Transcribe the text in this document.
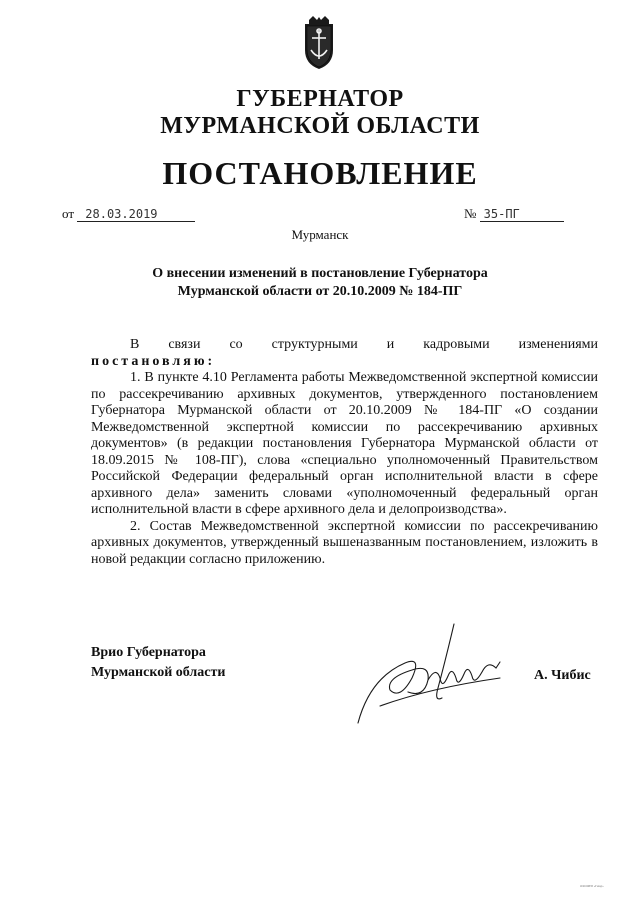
ГУБЕРНАТОР
МУРМАНСКОЙ ОБЛАСТИ
ПОСТАНОВЛЕНИЕ
от 28.03.2019	№ 35-ПГ
Мурманск
О внесении изменений в постановление Губернатора Мурманской области от 20.10.2009 № 184-ПГ

В связи со структурными и кадровыми изменениями

постановляю:

1. В пункте 4.10 Регламента работы Межведомственной экспертной комиссии по рассекречиванию архивных документов, утвержденного постановлением Губернатора Мурманской области от 20.10.2009 № 184-ПГ «О создании Межведомственной экспертной комиссии по рассекречиванию архивных документов» (в редакции постановления Губернатора Мурманской области от 18.09.2015 № 108-ПГ), слова «специально уполномоченный Правительством Российской Федерации федеральный орган исполнительной власти в сфере архивного дела» заменить словами «уполномоченный федеральный орган исполнительной власти в сфере архивного дела и делопроизводства».

2. Состав Межведомственной экспертной комиссии по рассекречиванию архивных документов, утвержденный вышеназванным постановлением, изложить в новой редакции согласно приложению.

Врио Губернатора
Мурманской области	А. Чибис
ОФОФЕП «Гимд»
